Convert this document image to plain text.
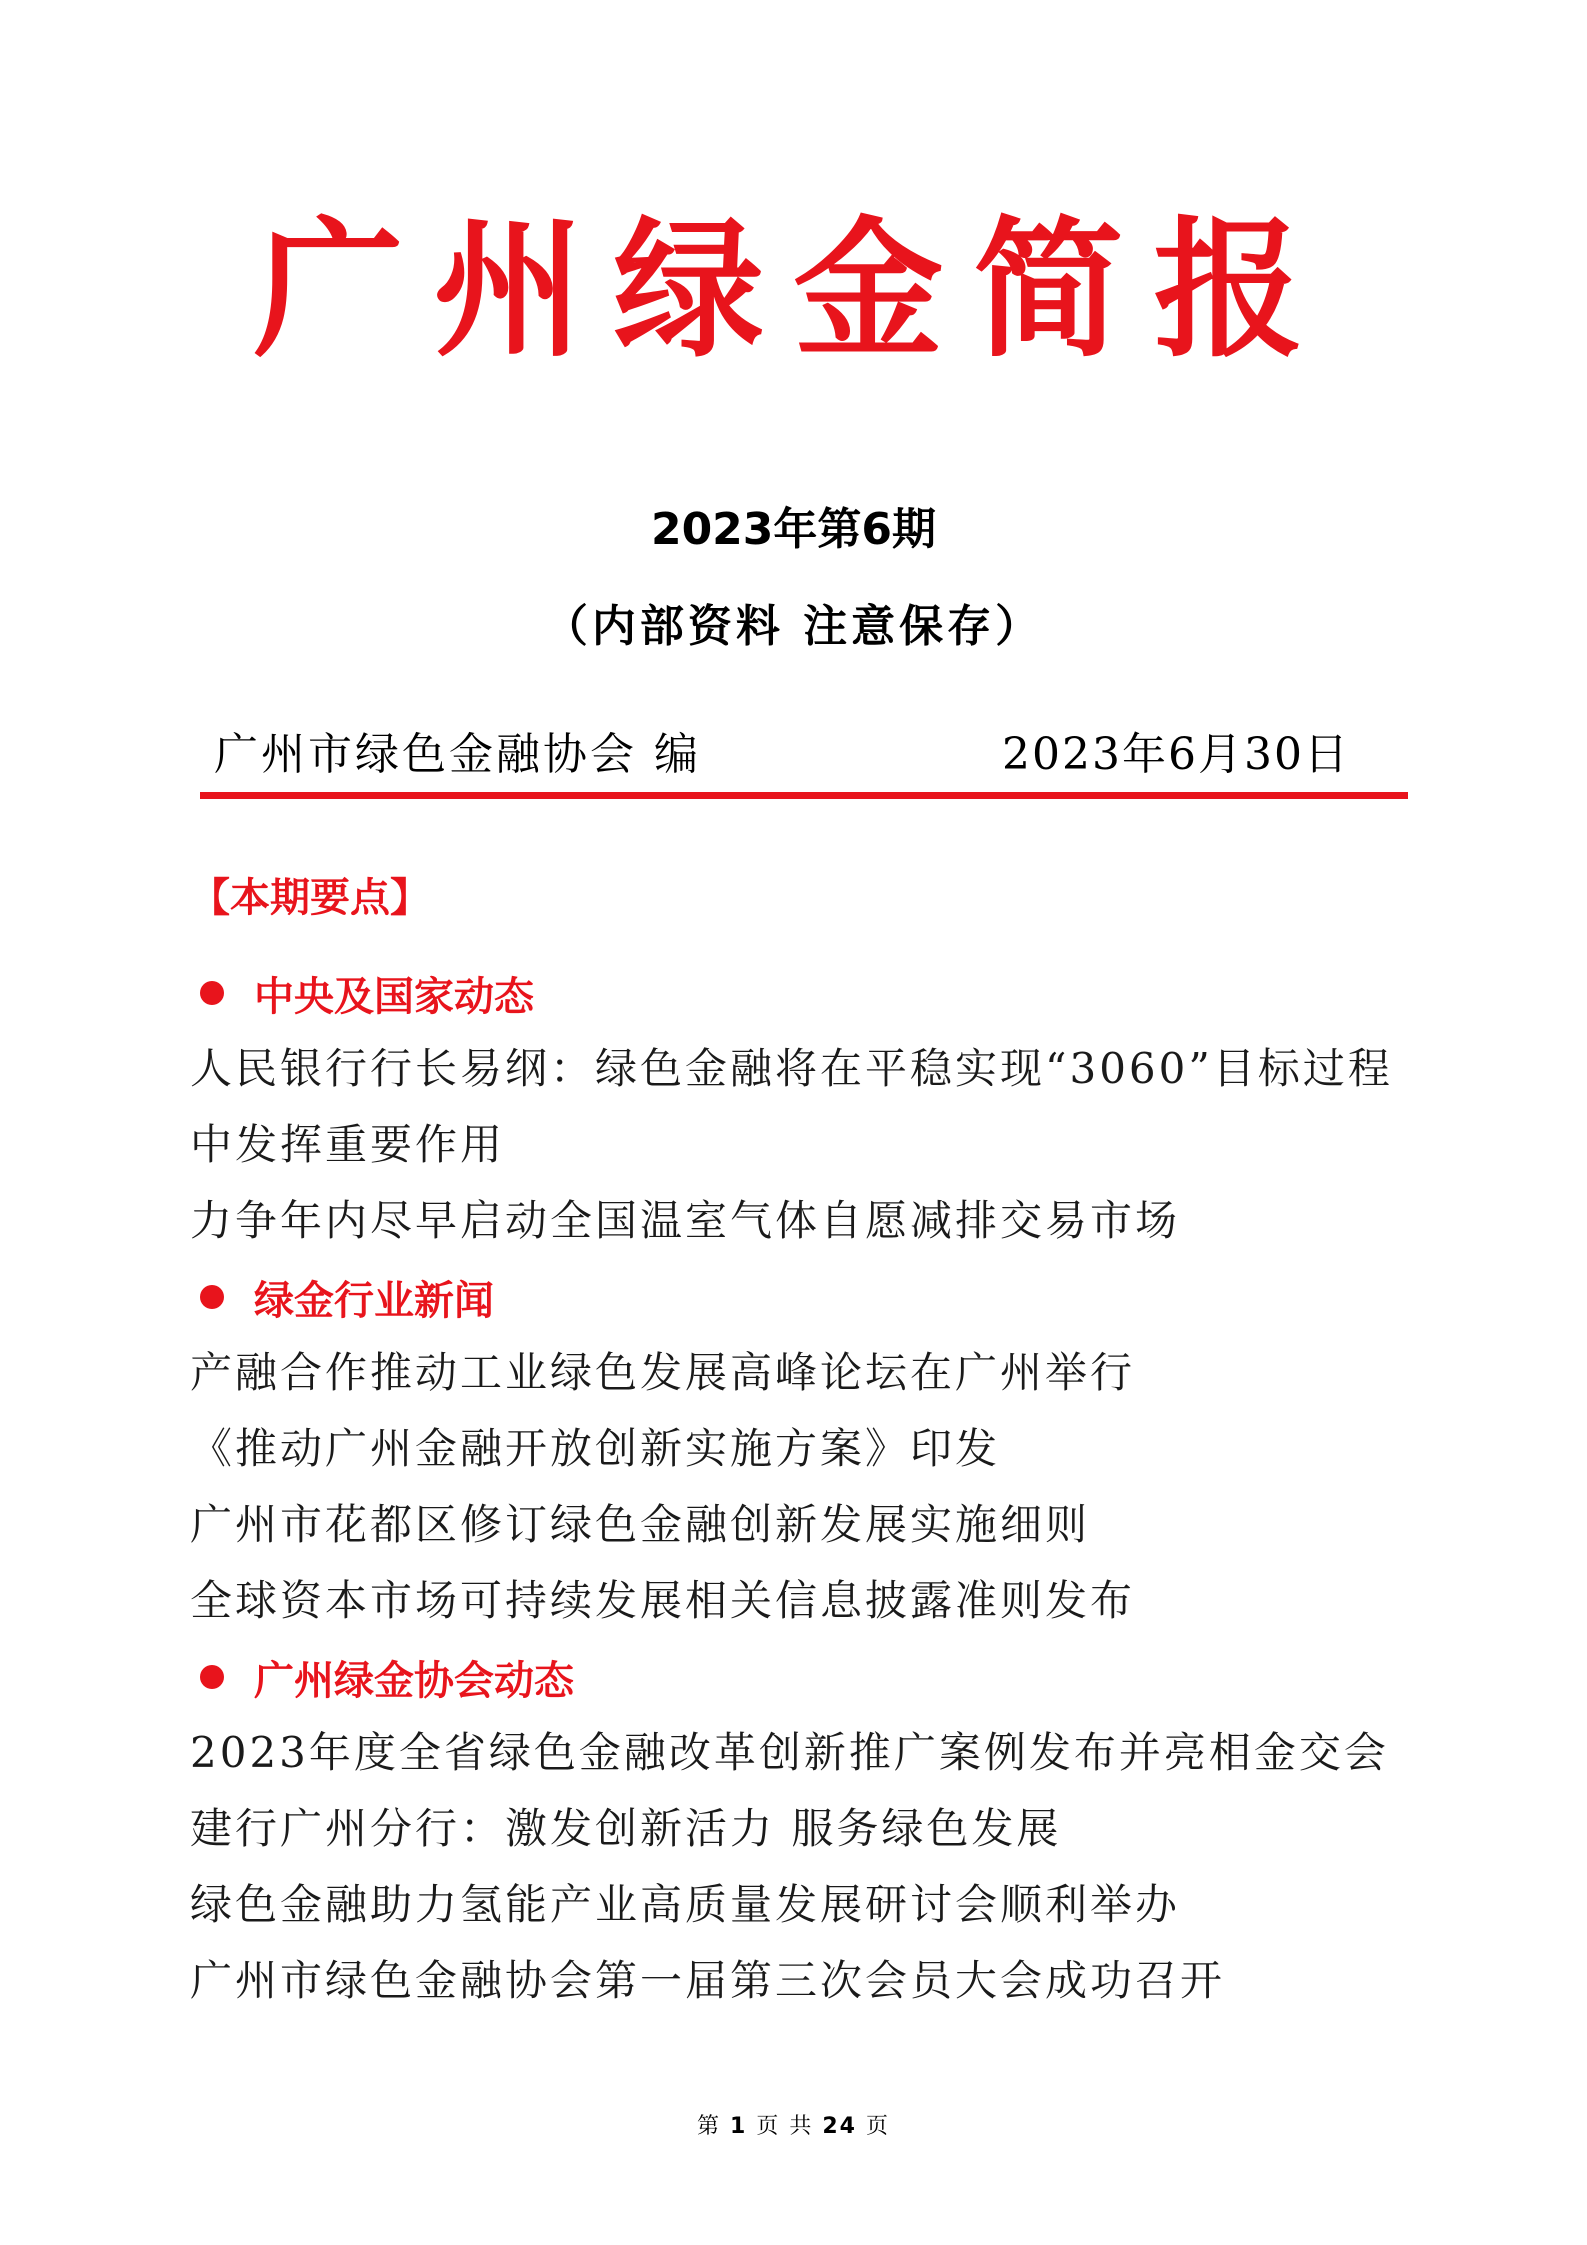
广州绿金简报
2023年第6期
（内部资料 注意保存）
广州市绿色金融协会 编	2023年6月30日
【本期要点】
中央及国家动态
人民银行行长易纲：绿色金融将在平稳实现“3060”目标过程中发挥重要作用
力争年内尽早启动全国温室气体自愿减排交易市场
绿金行业新闻
产融合作推动工业绿色发展高峰论坛在广州举行
《推动广州金融开放创新实施方案》印发
广州市花都区修订绿色金融创新发展实施细则
全球资本市场可持续发展相关信息披露准则发布
广州绿金协会动态
2023年度全省绿色金融改革创新推广案例发布并亮相金交会
建行广州分行：激发创新活力 服务绿色发展
绿色金融助力氢能产业高质量发展研讨会顺利举办
广州市绿色金融协会第一届第三次会员大会成功召开
第 1 页 共 24 页
